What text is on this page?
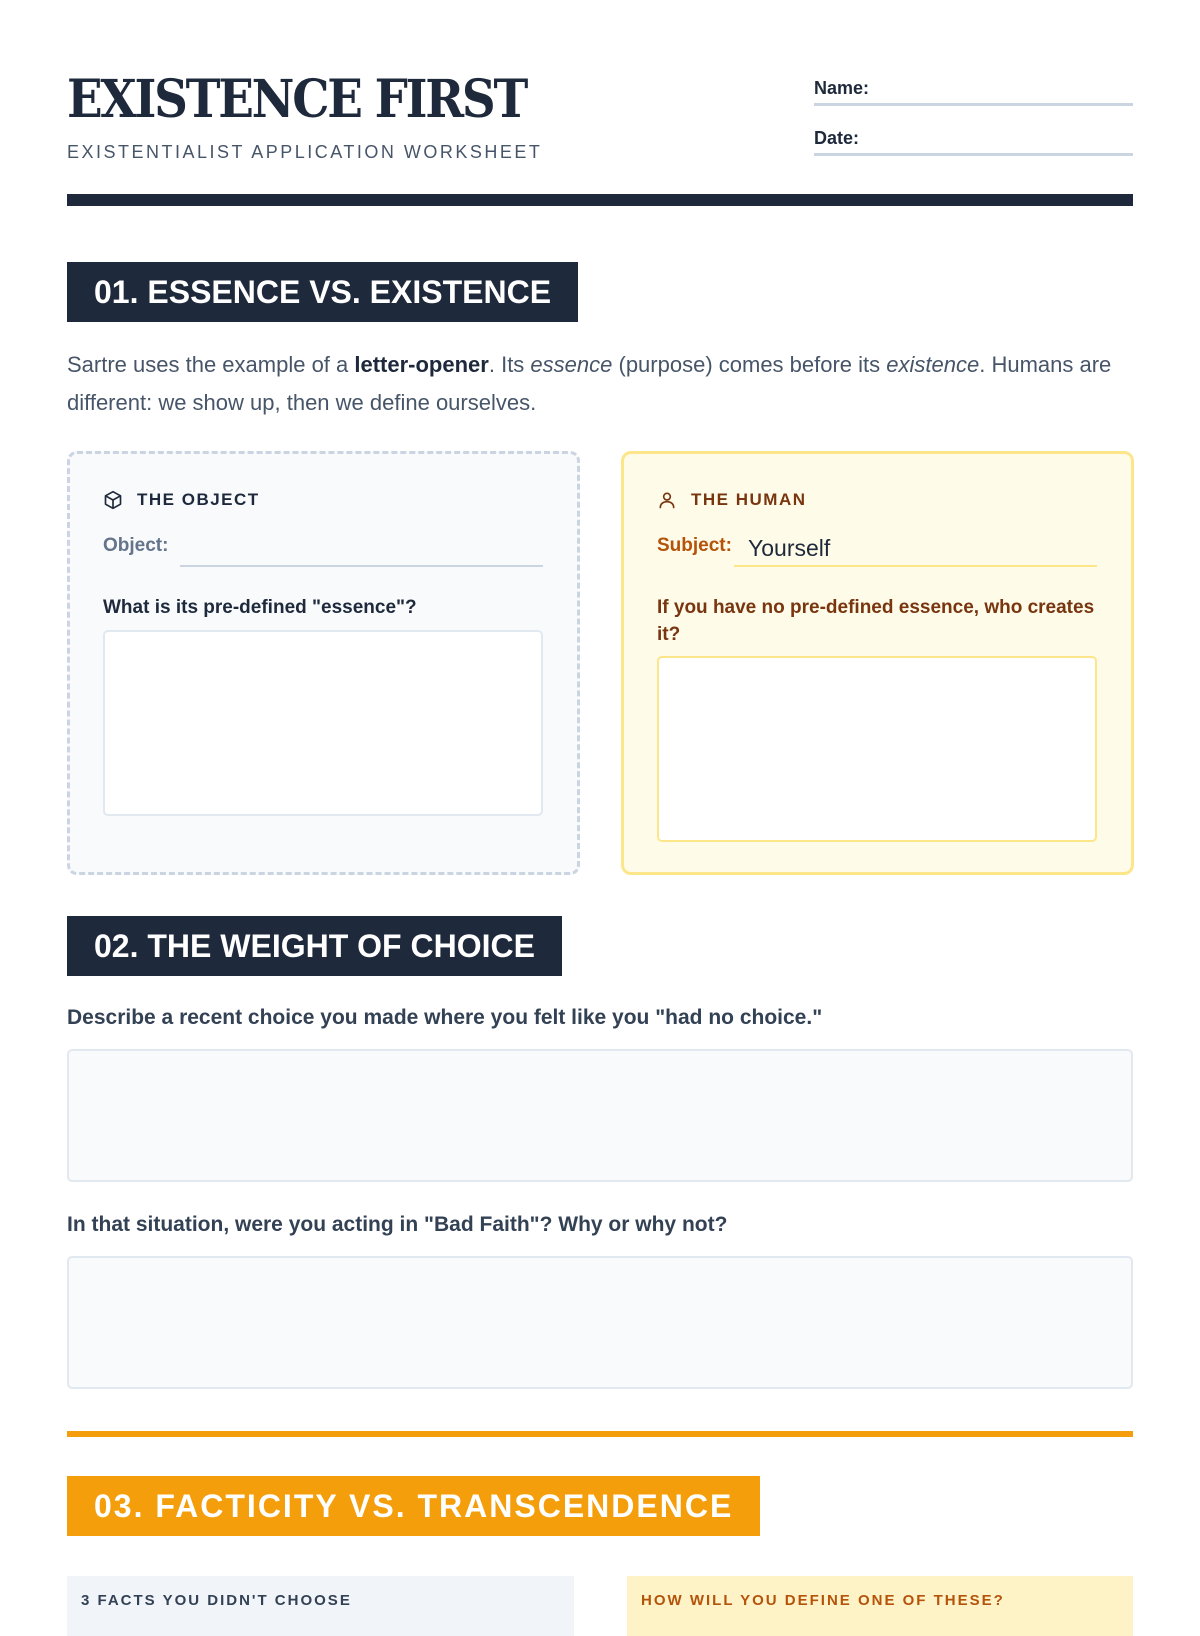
EXISTENCE FIRST
EXISTENTIALIST APPLICATION WORKSHEET
Name:
Date:
01. ESSENCE VS. EXISTENCE

Sartre uses the example of a letter-opener. Its essence (purpose) comes before its existence. Humans are different: we show up, then we define ourselves.

THE OBJECT
Object:
What is its pre-defined "essence"?
THE HUMAN
Subject: Yourself
If you have no pre-defined essence, who creates it?
02. THE WEIGHT OF CHOICE
Describe a recent choice you made where you felt like you "had no choice."
In that situation, were you acting in "Bad Faith"? Why or why not?
03. FACTICITY VS. TRANSCENDENCE
3 FACTS YOU DIDN'T CHOOSE	HOW WILL YOU DEFINE ONE OF THESE?
